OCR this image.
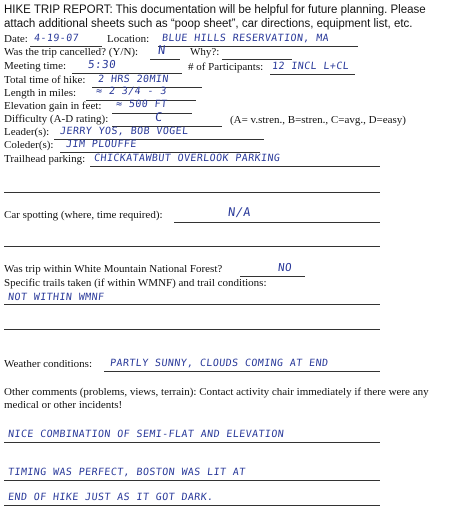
HIKE TRIP REPORT: This documentation will be helpful for future planning. Please
attach additional sheets such as “poop sheet”, car directions, equipment list, etc.
Date: 4-19-07 Location: BLUE HILLS RESERVATION, MA
Was the trip cancelled? (Y/N): N Why?:
Meeting time: 5:30	# of Participants: 12 INCL L+CL
Total time of hike: 2 HRS 20MIN
Length in miles: ≈ 2 3/4 - 3
Elevation gain in feet: ≈ 500 FT
Difficulty (A-D rating):	C	(A= v.stren., B=stren., C=avg., D=easy)
Leader(s): JERRY YOS, BOB VOGEL
Coleder(s): JIM PLOUFFE
Trailhead parking: CHICKATAWBUT OVERLOOK PARKING
Car spotting (where, time required):	N/A
Was trip within White Mountain National Forest?	NO
Specific trails taken (if within WMNF) and trail conditions:
NOT WITHIN WMNF
Weather conditions: PARTLY SUNNY, CLOUDS COMING AT END
Other comments (problems, views, terrain): Contact activity chair immediately if there were any
medical or other incidents!
NICE COMBINATION OF SEMI-FLAT AND ELEVATION
TIMING WAS PERFECT, BOSTON WAS LIT AT
END OF HIKE JUST AS IT GOT DARK.
